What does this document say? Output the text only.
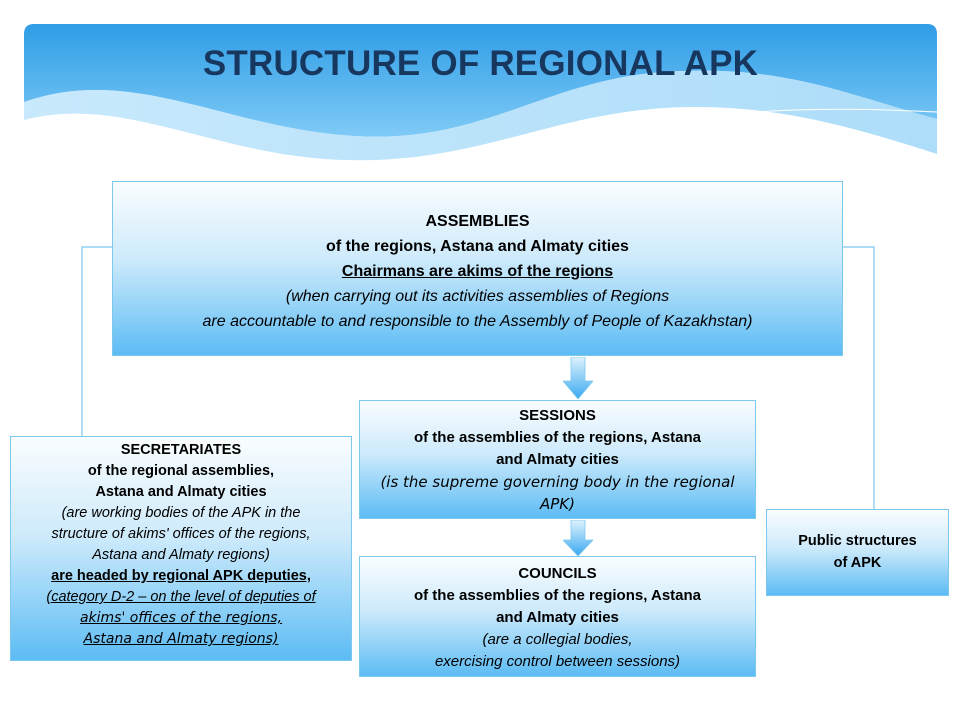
STRUCTURE OF REGIONAL APK
ASSEMBLIES
of the regions, Astana and Almaty cities
Chairmans are akims of the regions
(when carrying out its activities assemblies of Regions
are accountable to and responsible to the Assembly of People of Kazakhstan)
SESSIONS
of the assemblies of the regions, Astana
and Almaty cities
(is the supreme governing body in the regional
APK)
COUNCILS
of the assemblies of the regions, Astana
and Almaty cities
(are a collegial bodies,
exercising control between sessions)
SECRETARIATES
of the regional assemblies,
Astana and Almaty cities
(are working bodies of the APK in the
structure of akims' offices of the regions,
Astana and Almaty regions)
are headed by regional APK deputies,
(category D-2 – on the level of deputies of
akims' offices of the regions,
Astana and Almaty regions)
Public structures
of APK
